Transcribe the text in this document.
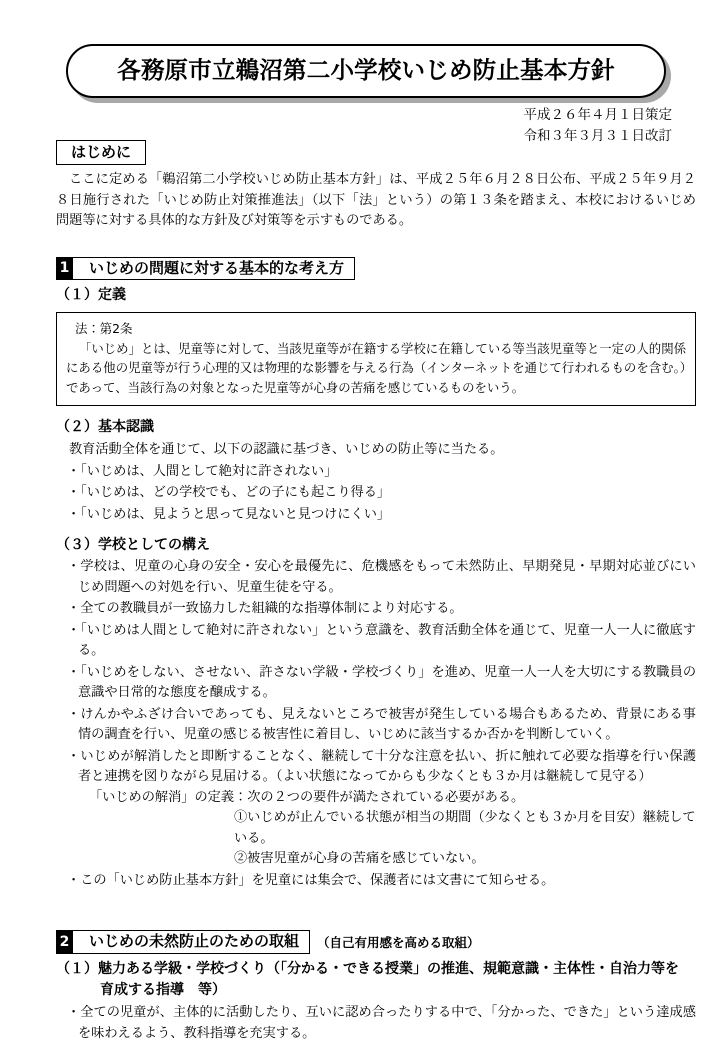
各務原市立鵜沼第二小学校いじめ防止基本方針
平成２６年４月１日策定
令和３年３月３１日改訂
はじめに

ここに定める「鵜沼第二小学校いじめ防止基本方針」は、平成２５年６月２８日公布、平成２５年９月２８日施行された「いじめ防止対策推進法」（以下「法」という）の第１３条を踏まえ、本校におけるいじめ問題等に対する具体的な方針及び対策等を示すものである。

1	いじめの問題に対する基本的な考え方
（１）定義
法：第2条
「いじめ」とは、児童等に対して、当該児童等が在籍する学校に在籍している等当該児童等と一定の人的関係にある他の児童等が行う心理的又は物理的な影響を与える行為（インターネットを通じて行われるものを含む。）であって、当該行為の対象となった児童等が心身の苦痛を感じているものをいう。
（２）基本認識
教育活動全体を通じて、以下の認識に基づき、いじめの防止等に当たる。
・ 「いじめは、人間として絶対に許されない」
・ 「いじめは、どの学校でも、どの子にも起こり得る」
・ 「いじめは、見ようと思って見ないと見つけにくい」
（３）学校としての構え
・ 学校は、児童の心身の安全・安心を最優先に、危機感をもって未然防止、早期発見・早期対応並びにいじめ問題への対処を行い、児童生徒を守る。
・ 全ての教職員が一致協力した組織的な指導体制により対応する。
・ 「いじめは人間として絶対に許されない」という意識を、教育活動全体を通じて、児童一人一人に徹底する。
・ 「いじめをしない、させない、許さない学級・学校づくり」を進め、児童一人一人を大切にする教職員の意識や日常的な態度を醸成する。
・ けんかやふざけ合いであっても、見えないところで被害が発生している場合もあるため、背景にある事情の調査を行い、児童の感じる被害性に着目し、いじめに該当するか否かを判断していく。
・ いじめが解消したと即断することなく、継続して十分な注意を払い、折に触れて必要な指導を行い保護者と連携を図りながら見届ける。（よい状態になってからも少なくとも３か月は継続して見守る）
「いじめの解消」の定義：次の２つの要件が満たされている必要がある。
①いじめが止んでいる状態が相当の期間（少なくとも３か月を目安）継続している。
②被害児童が心身の苦痛を感じていない。
・ この「いじめ防止基本方針」を児童には集会で、保護者には文書にて知らせる。
2	いじめの未然防止のための取組	（自己有用感を高める取組）
（１）魅力ある学級・学校づくり（「分かる・できる授業」の推進、規範意識・主体性・自治力等を
育成する指導　等）
・ 全ての児童が、主体的に活動したり、互いに認め合ったりする中で、「分かった、できた」という達成感を味わえるよう、教科指導を充実する。
